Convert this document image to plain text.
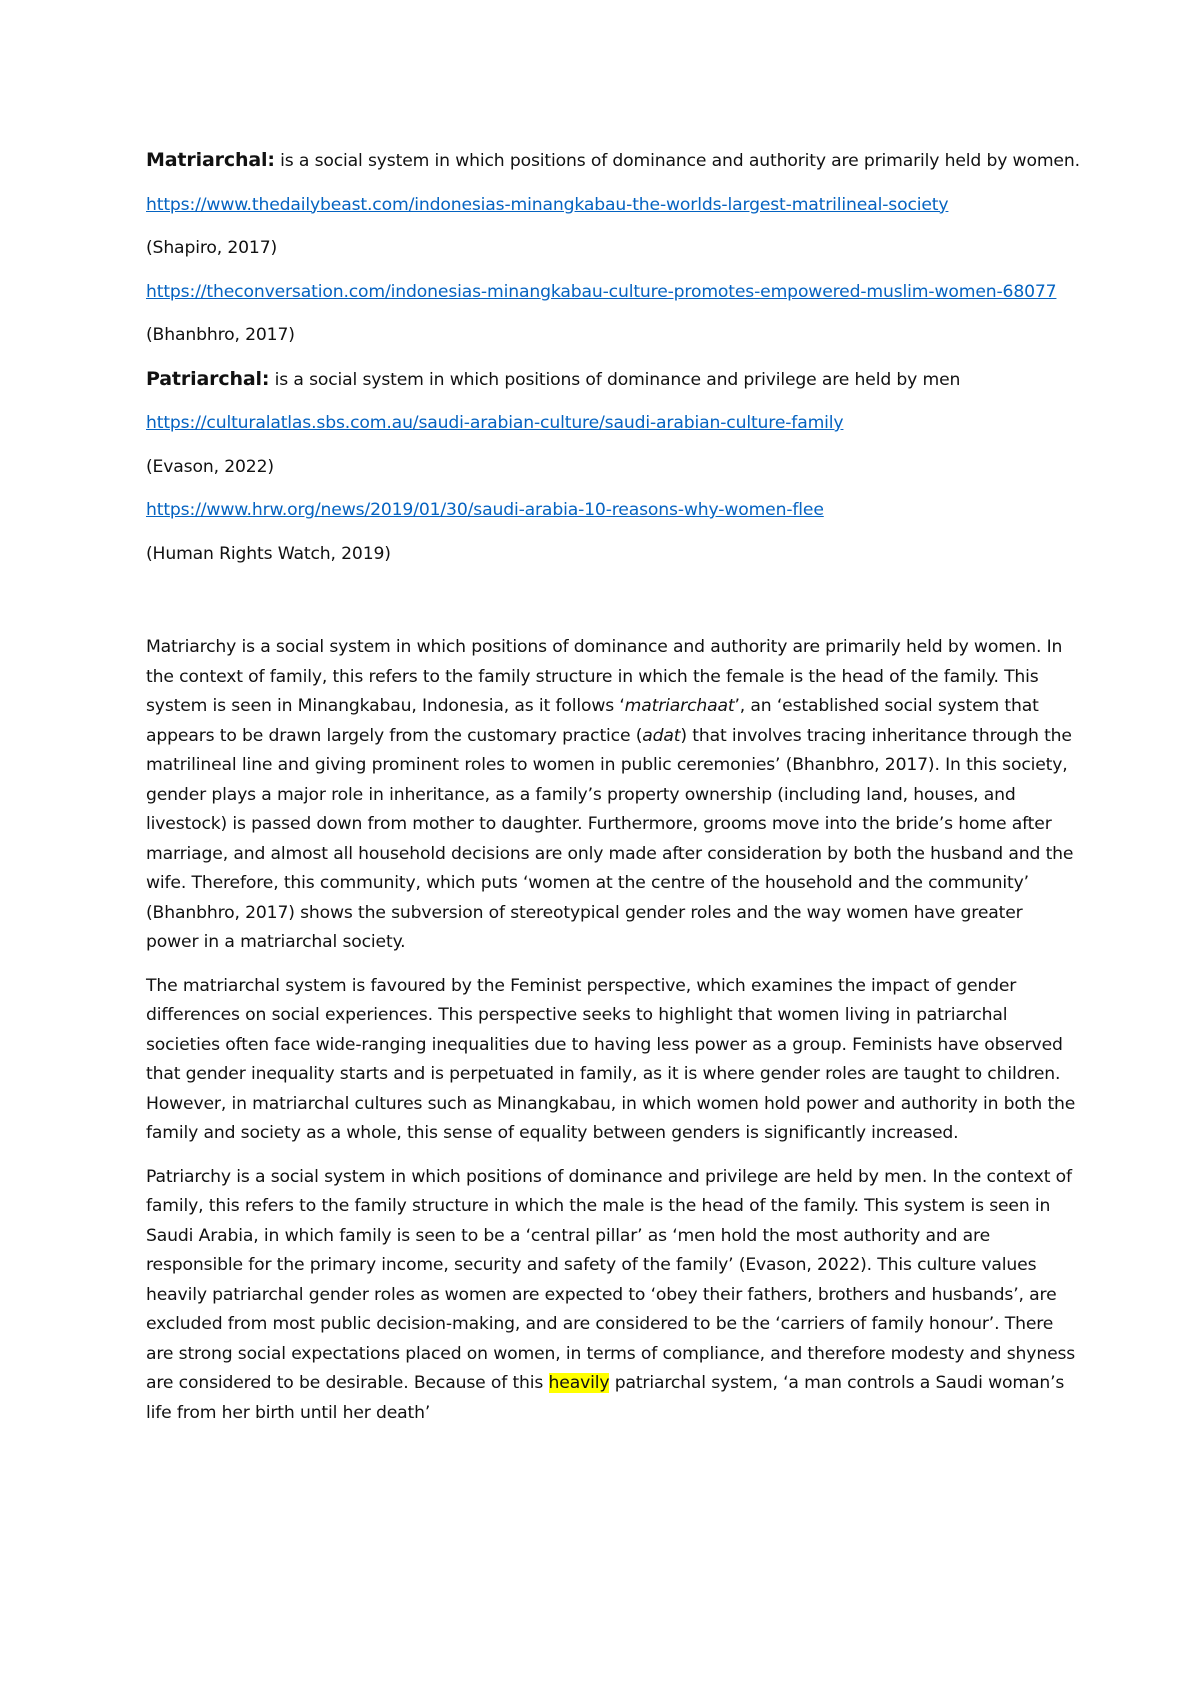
Matriarchal: is a social system in which positions of dominance and authority are primarily held by women.

https://www.thedailybeast.com/indonesias-minangkabau-the-worlds-largest-matrilineal-society

(Shapiro, 2017)

https://theconversation.com/indonesias-minangkabau-culture-promotes-empowered-muslim-women-68077

(Bhanbhro, 2017)

Patriarchal: is a social system in which positions of dominance and privilege are held by men

https://culturalatlas.sbs.com.au/saudi-arabian-culture/saudi-arabian-culture-family

(Evason, 2022)

https://www.hrw.org/news/2019/01/30/saudi-arabia-10-reasons-why-women-flee

(Human Rights Watch, 2019)

Matriarchy is a social system in which positions of dominance and authority are primarily held by women. In the context of family, this refers to the family structure in which the female is the head of the family. This system is seen in Minangkabau, Indonesia, as it follows ‘matriarchaat’, an ‘established social system that appears to be drawn largely from the customary practice (adat) that involves tracing inheritance through the matrilineal line and giving prominent roles to women in public ceremonies’ (Bhanbhro, 2017). In this society, gender plays a major role in inheritance, as a family’s property ownership (including land, houses, and livestock) is passed down from mother to daughter. Furthermore, grooms move into the bride’s home after marriage, and almost all household decisions are only made after consideration by both the husband and the wife. Therefore, this community, which puts ‘women at the centre of the household and the community’ (Bhanbhro, 2017) shows the subversion of stereotypical gender roles and the way women have greater power in a matriarchal society.

The matriarchal system is favoured by the Feminist perspective, which examines the impact of gender differences on social experiences. This perspective seeks to highlight that women living in patriarchal societies often face wide-ranging inequalities due to having less power as a group. Feminists have observed that gender inequality starts and is perpetuated in family, as it is where gender roles are taught to children. However, in matriarchal cultures such as Minangkabau, in which women hold power and authority in both the family and society as a whole, this sense of equality between genders is significantly increased.

Patriarchy is a social system in which positions of dominance and privilege are held by men. In the context of family, this refers to the family structure in which the male is the head of the family. This system is seen in Saudi Arabia, in which family is seen to be a ‘central pillar’ as ‘men hold the most authority and are responsible for the primary income, security and safety of the family’ (Evason, 2022). This culture values heavily patriarchal gender roles as women are expected to ‘obey their fathers, brothers and husbands’, are excluded from most public decision-making, and are considered to be the ‘carriers of family honour’. There are strong social expectations placed on women, in terms of compliance, and therefore modesty and shyness are considered to be desirable. Because of this heavily patriarchal system, ‘a man controls a Saudi woman’s life from her birth until her death’
